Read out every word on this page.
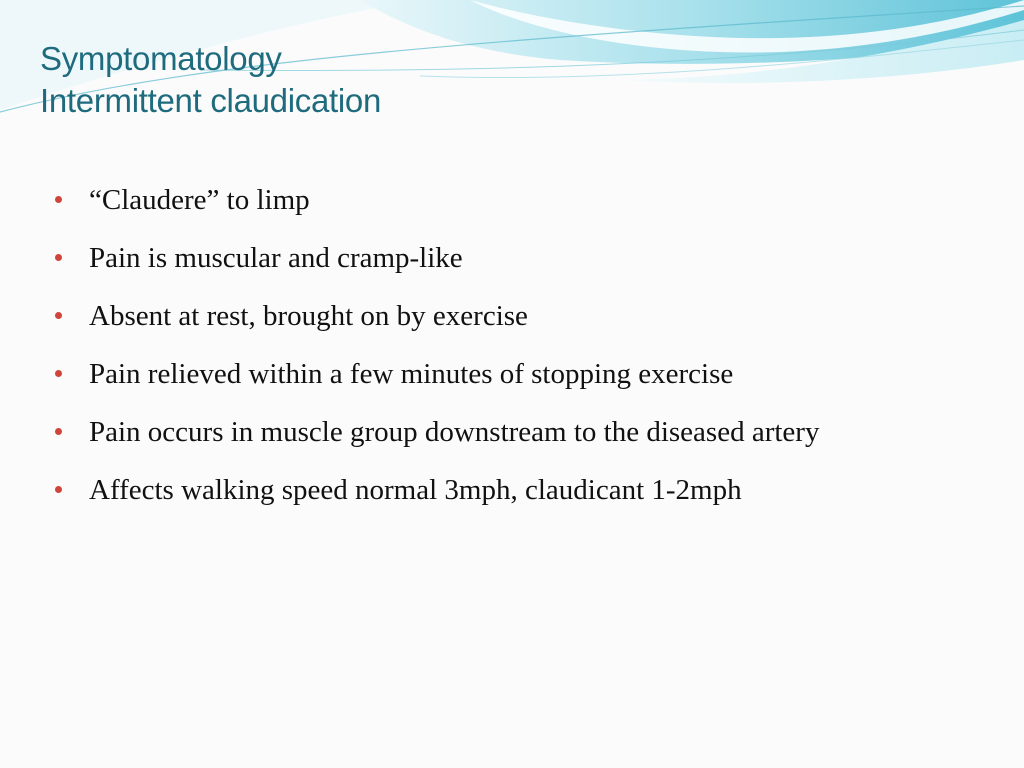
Symptomatology
Intermittent claudication
“Claudere” to limp
Pain is muscular and cramp-like
Absent at rest, brought on by exercise
Pain relieved within a few minutes of stopping exercise
Pain occurs in muscle group downstream to the diseased artery
Affects walking speed normal 3mph, claudicant 1-2mph
